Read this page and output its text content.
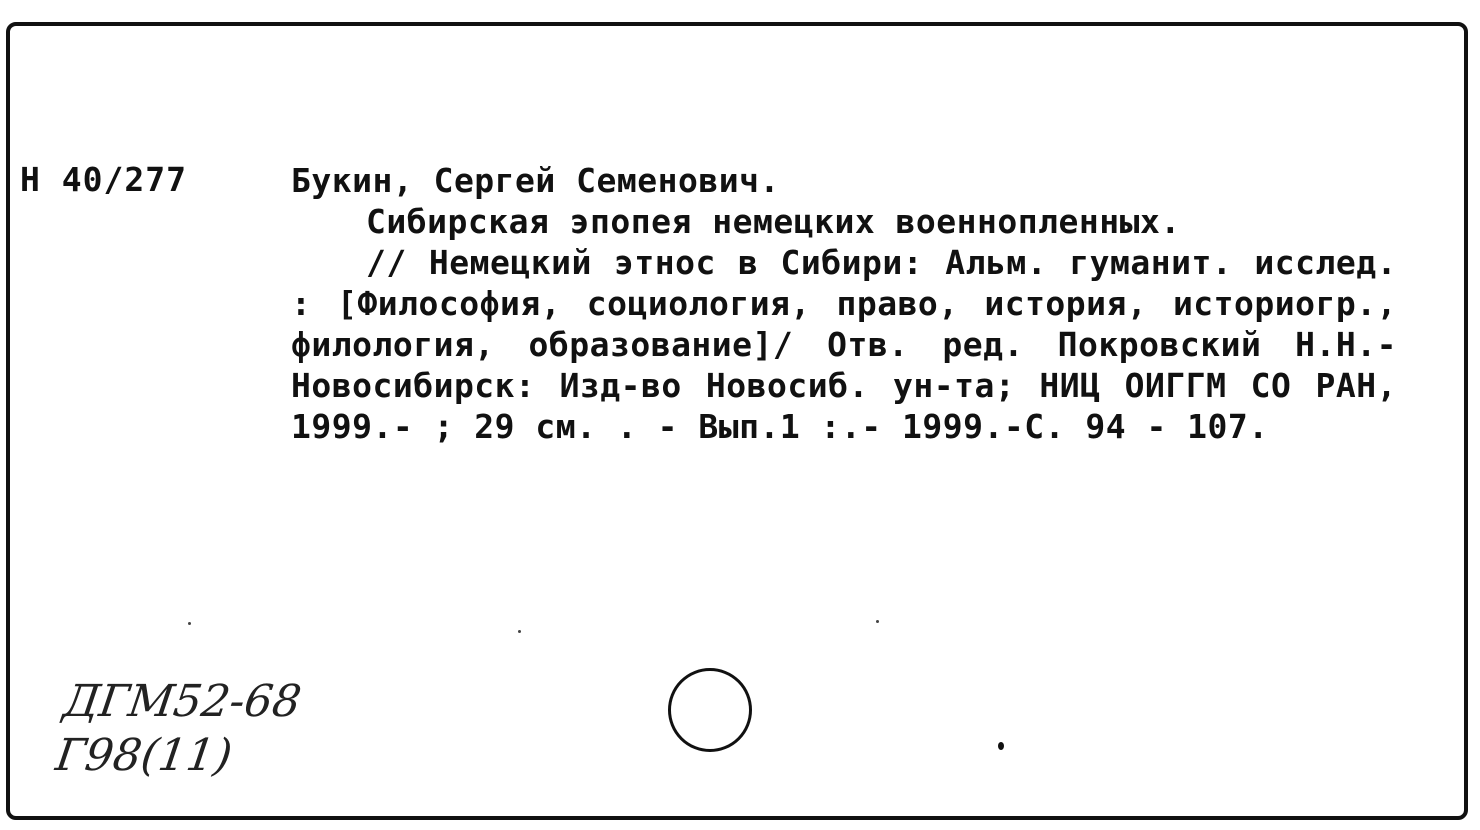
Н 40/277	Букин, Сергей Семенович.
Сибирская эпопея немецких военнопленных.
// Немецкий этнос в Сибири: Альм. гуманит. исслед. : [Философия, социология, право, история, историогр., филология, образование]/ Отв. ред. Покровский Н.Н.- Новосибирск: Изд-во Новосиб. ун-та; НИЦ ОИГГМ СО РАН, 1999.- ; 29 см. . - Вып.1 :.- 1999.-С. 94 - 107.
ДГМ52-68
Г98(11)
